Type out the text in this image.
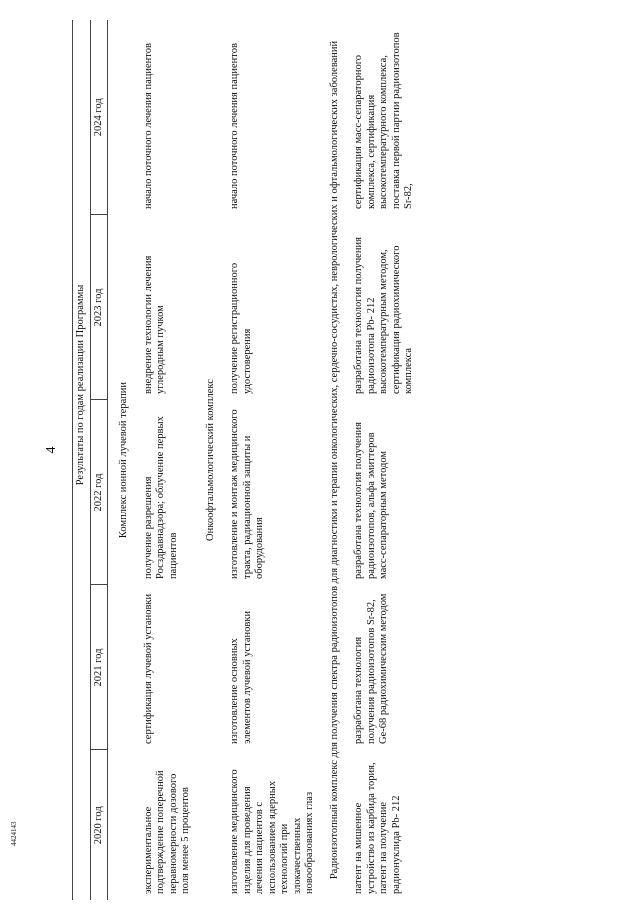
4
4424143

	Результаты по годам реализации Программы			
2020 год	2021 год	2022 год	2023 год	2024 год
Комплекс ионной лучевой терапии				
экспериментальное подтверждение поперечной неравномерности дозового поля менее 5 процентов	сертификация лучевой установки	получение разрешения Росздравнадзора; облучение первых пациентов	внедрение технологии лечения углеродным пучком	начало поточного лечения пациентов
Онкоофтальмологический комплекс				
изготовление медицинского изделия для проведения лечения пациентов с использованием ядерных технологий при злокачественных новообразованиях глаз	изготовление основных элементов лучевой установки	изготовление и монтаж медицинского тракта, радиационной защиты и оборудования	получение регистрационного удостоверения	начало поточного лечения пациентов
Радиоизотопный комплекс для получения спектра радиоизотопов для диагностики и терапии онкологических, сердечно-сосудистых, неврологических и офтальмологических заболеваний				
патент на мишенное устройство из карбида тория, патент на получение радионуклида Pb- 212	разработана технология получения радиоизотопов Sr-82, Ge-68 радиохимическим методом	разработана технология получения радиоизотопов, альфа эмиттеров масс-сепараторным методом	разработана технология получения радиоизотопа Pb- 212 высокотемпературным методом, сертификация радиохимического комплекса	сертификация масс-сепараторного комплекса, сертификация высокотемпературного комплекса, поставка первой партии радиоизотопов Sr-82,
